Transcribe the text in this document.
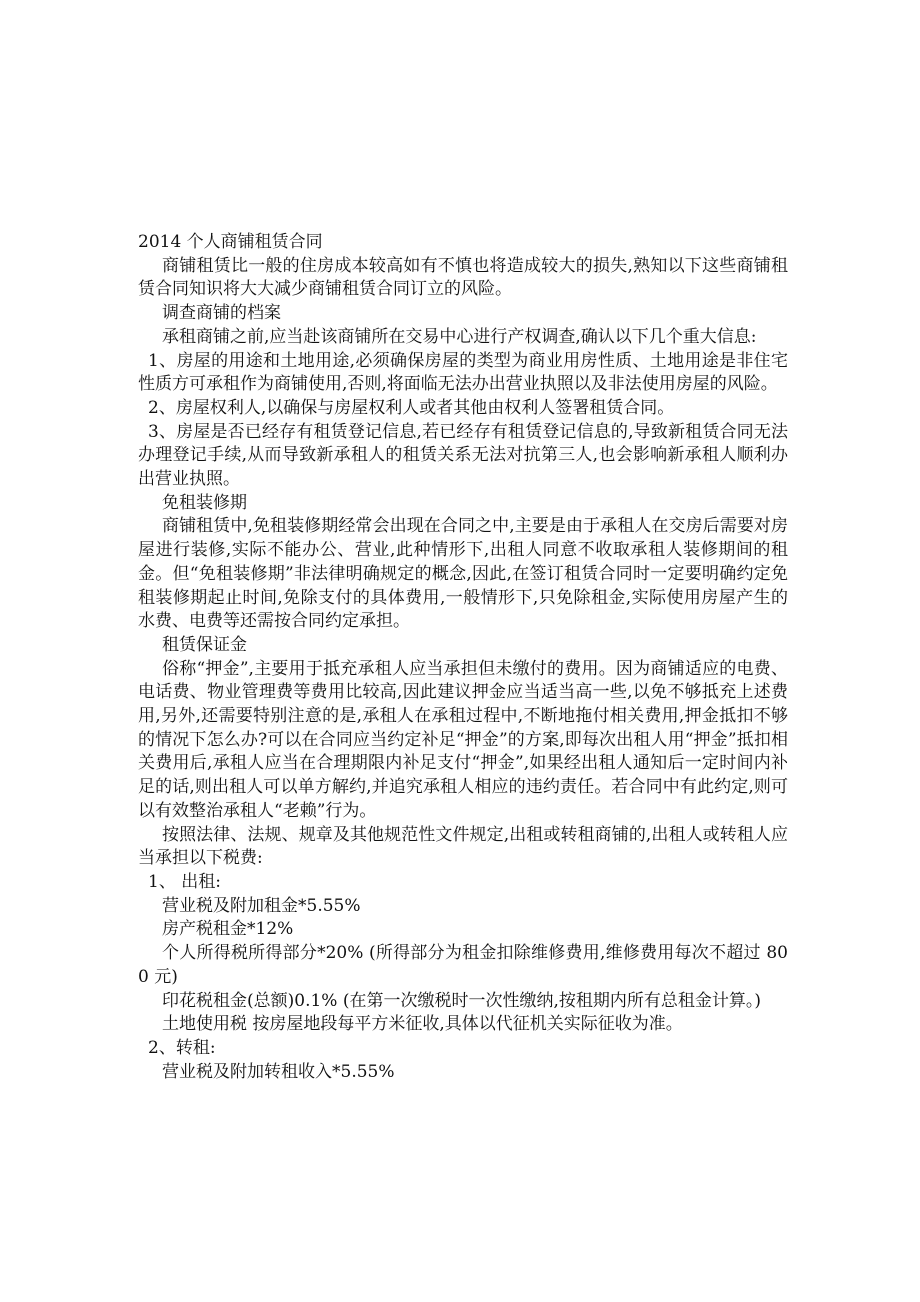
2014 个人商铺租赁合同

商铺租赁比一般的住房成本较高如有不慎也将造成较大的损失,熟知以下这些商铺租赁合同知识将大大减少商铺租赁合同订立的风险。

调查商铺的档案

承租商铺之前,应当赴该商铺所在交易中心进行产权调查,确认以下几个重大信息:

1、房屋的用途和土地用途,必须确保房屋的类型为商业用房性质、土地用途是非住宅性质方可承租作为商铺使用,否则,将面临无法办出营业执照以及非法使用房屋的风险。

2、房屋权利人,以确保与房屋权利人或者其他由权利人签署租赁合同。

3、房屋是否已经存有租赁登记信息,若已经存有租赁登记信息的,导致新租赁合同无法办理登记手续,从而导致新承租人的租赁关系无法对抗第三人,也会影响新承租人顺利办出营业执照。

免租装修期

商铺租赁中,免租装修期经常会出现在合同之中,主要是由于承租人在交房后需要对房屋进行装修,实际不能办公、营业,此种情形下,出租人同意不收取承租人装修期间的租金。但“免租装修期”非法律明确规定的概念,因此,在签订租赁合同时一定要明确约定免租装修期起止时间,免除支付的具体费用,一般情形下,只免除租金,实际使用房屋产生的水费、电费等还需按合同约定承担。

租赁保证金

俗称“押金”,主要用于抵充承租人应当承担但未缴付的费用。因为商铺适应的电费、电话费、物业管理费等费用比较高,因此建议押金应当适当高一些,以免不够抵充上述费用,另外,还需要特别注意的是,承租人在承租过程中,不断地拖付相关费用,押金抵扣不够的情况下怎么办?可以在合同应当约定补足“押金”的方案,即每次出租人用“押金”抵扣相关费用后,承租人应当在合理期限内补足支付“押金”,如果经出租人通知后一定时间内补足的话,则出租人可以单方解约,并追究承租人相应的违约责任。若合同中有此约定,则可以有效整治承租人“老赖”行为。

按照法律、法规、规章及其他规范性文件规定,出租或转租商铺的,出租人或转租人应当承担以下税费:

1、 出租:

营业税及附加租金*5.55%

房产税租金*12%

个人所得税所得部分*20% (所得部分为租金扣除维修费用,维修费用每次不超过 800 元)

印花税租金(总额)0.1% (在第一次缴税时一次性缴纳,按租期内所有总租金计算。)

土地使用税 按房屋地段每平方米征收,具体以代征机关实际征收为准。

2、转租:

营业税及附加转租收入*5.55%
